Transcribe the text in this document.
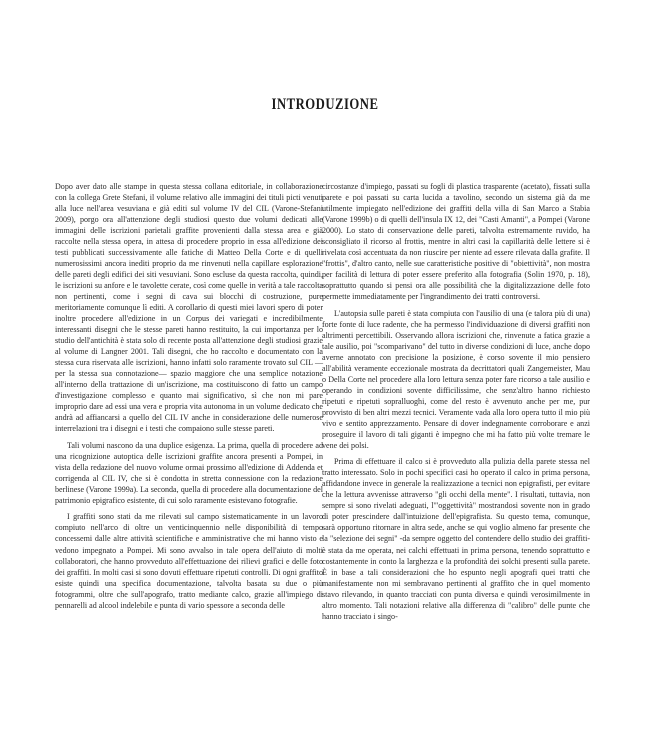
INTRODUZIONE

Dopo aver dato alle stampe in questa stessa collana editoriale, in collaborazione con la collega Grete Stefani, il volume relativo alle immagini dei tituli picti venuti alla luce nell'area vesuviana e già editi sul volume IV del CIL (Varone-Stefani 2009), porgo ora all'attenzione degli studiosi questo due volumi dedicati alle immagini delle iscrizioni parietali graffite provenienti dalla stessa area e già raccolte nella stessa opera, in attesa di procedere proprio in essa all'edizione dei testi pubblicati successivamente alle fatiche di Matteo Della Corte e di quelli numerosissimi ancora inediti proprio da me rinvenuti nella capillare esplorazione delle pareti degli edifici dei siti vesuviani. Sono escluse da questa raccolta, quindi, le iscrizioni su anfore e le tavolette cerate, così come quelle in verità a tale raccolta non pertinenti, come i segni di cava sui blocchi di costruzione, pure meritoriamente comunque lì editi. A corollario di questi miei lavori spero di poter inoltre procedere all'edizione in un Corpus dei variegati e incredibilmente interessanti disegni che le stesse pareti hanno restituito, la cui importanza per lo studio dell'antichità è stata solo di recente posta all'attenzione degli studiosi grazie al volume di Langner 2001. Tali disegni, che ho raccolto e documentato con la stessa cura riservata alle iscrizioni, hanno infatti solo raramente trovato sul CIL —per la stessa sua connotazione— spazio maggiore che una semplice notazione all'interno della trattazione di un'iscrizione, ma costituiscono di fatto un campo d'investigazione complesso e quanto mai significativo, sì che non mi pare improprio dare ad essi una vera e propria vita autonoma in un volume dedicato che andrà ad affiancarsi a quello del CIL IV anche in considerazione delle numerose interrelazioni tra i disegni e i testi che compaiono sulle stesse pareti.

Tali volumi nascono da una duplice esigenza. La prima, quella di procedere ad una ricognizione autoptica delle iscrizioni graffite ancora presenti a Pompei, in vista della redazione del nuovo volume ormai prossimo all'edizione di Addenda et corrigenda al CIL IV, che si è condotta in stretta connessione con la redazione berlinese (Varone 1999a). La seconda, quella di procedere alla documentazione del patrimonio epigrafico esistente, di cui solo raramente esistevano fotografie.

I graffiti sono stati da me rilevati sul campo sistematicamente in un lavoro compiuto nell'arco di oltre un venticinquennio nelle disponibilità di tempo concessemi dalle altre attività scientifiche e amministrative che mi hanno visto e vedono impegnato a Pompei. Mi sono avvalso in tale opera dell'aiuto di molti collaboratori, che hanno provveduto all'effettuazione dei rilievi grafici e delle foto dei graffiti. In molti casi si sono dovuti effettuare ripetuti controlli. Di ogni graffito esiste quindi una specifica documentazione, talvolta basata su due o più fotogrammi, oltre che sull'apografo, tratto mediante calco, grazie all'impiego di pennarelli ad alcool indelebile e punta di vario spessore a seconda delle

circostanze d'impiego, passati su fogli di plastica trasparente (acetato), fissati sulla parete e poi passati su carta lucida a tavolino, secondo un sistema già da me utilmente impiegato nell'edizione dei graffiti della villa di San Marco a Stabia (Varone 1999b) o di quelli dell'insula IX 12, dei "Casti Amanti", a Pompei (Varone 2000). Lo stato di conservazione delle pareti, talvolta estremamente ruvido, ha sconsigliato il ricorso al frottis, mentre in altri casi la capillarità delle lettere si è rivelata così accentuata da non riuscire per niente ad essere rilevata dalla grafite. Il "frottis", d'altro canto, nelle sue caratteristiche positive di "obiettività", non mostra per facilità di lettura di poter essere preferito alla fotografia (Solin 1970, p. 18), soprattutto quando si pensi ora alle possibilità che la digitalizzazione delle foto permette immediatamente per l'ingrandimento dei tratti controversi.

L'autopsia sulle pareti è stata compiuta con l'ausilio di una (e talora più di una) forte fonte di luce radente, che ha permesso l'individuazione di diversi graffiti non altrimenti percettibili. Osservando allora iscrizioni che, rinvenute a fatica grazie a tale ausilio, poi "scomparivano" del tutto in diverse condizioni di luce, anche dopo averne annotato con precisione la posizione, è corso sovente il mio pensiero all'abilità veramente eccezionale mostrata da decrittatori quali Zangemeister, Mau o Della Corte nel procedere alla loro lettura senza poter fare ricorso a tale ausilio e operando in condizioni sovente difficilissime, che senz'altro hanno richiesto ripetuti e ripetuti sopralluoghi, come del resto è avvenuto anche per me, pur provvisto di ben altri mezzi tecnici. Veramente vada alla loro opera tutto il mio più vivo e sentito apprezzamento. Pensare di dover indegnamente corroborare e anzi proseguire il lavoro di tali giganti è impegno che mi ha fatto più volte tremare le vene dei polsi.

Prima di effettuare il calco si è provveduto alla pulizia della parete stessa nel tratto interessato. Solo in pochi specifici casi ho operato il calco in prima persona, affidandone invece in generale la realizzazione a tecnici non epigrafisti, per evitare che la lettura avvenisse attraverso "gli occhi della mente". I risultati, tuttavia, non sempre si sono rivelati adeguati, l'"oggettività" mostrandosi sovente non in grado di poter prescindere dall'intuizione dell'epigrafista. Su questo tema, comunque, sarà opportuno ritornare in altra sede, anche se qui voglio almeno far presente che la "selezione dei segni" -da sempre oggetto del contendere dello studio dei graffiti- è stata da me operata, nei calchi effettuati in prima persona, tenendo soprattutto e costantemente in conto la larghezza e la profondità dei solchi presenti sulla parete. È in base a tali considerazioni che ho espunto negli apografi quei tratti che manifestamente non mi sembravano pertinenti al graffito che in quel momento stavo rilevando, in quanto tracciati con punta diversa e quindi verosimilmente in altro momento. Tali notazioni relative alla differenza di "calibro" delle punte che hanno tracciato i singo-
